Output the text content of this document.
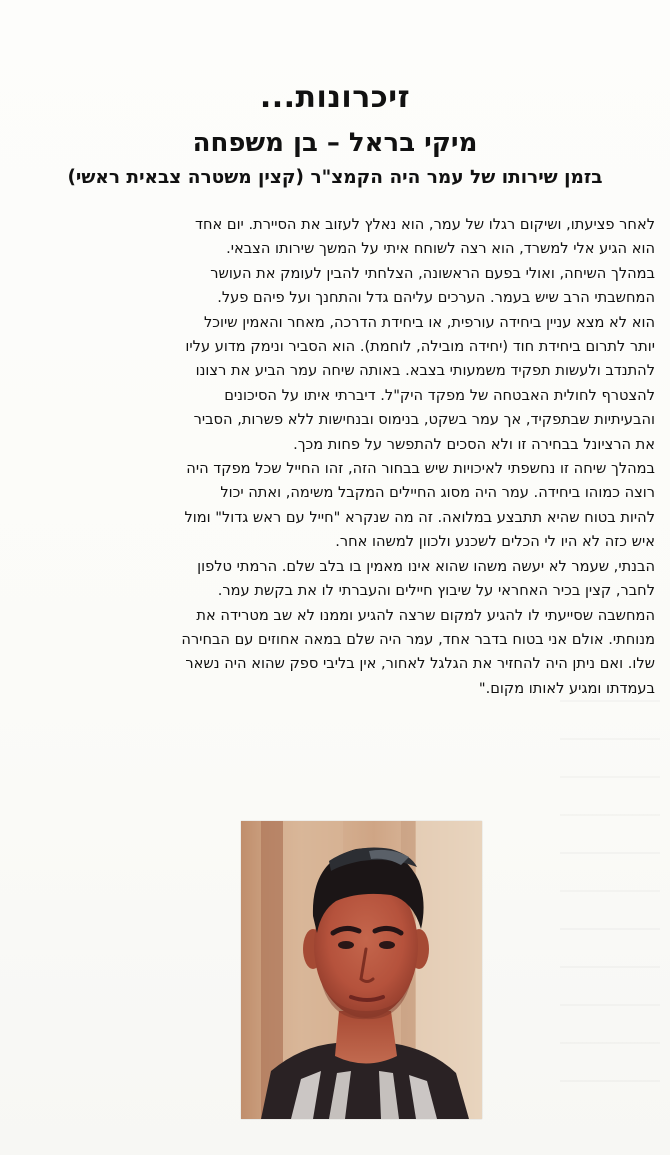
זיכרונות...
מיקי בראל – בן משפחה
בזמן שירותו של עמר היה הקמצ"ר (קצין משטרה צבאית ראשי)
לאחר פציעתו, ושיקום רגלו של עמר, הוא נאלץ לעזוב את הסיירת. יום אחד
הוא הגיע אלי למשרד, הוא רצה לשוחח איתי על המשך שירותו הצבאי.
במהלך השיחה, ואולי בפעם הראשונה, הצלחתי להבין לעומק את העושר
המחשבתי הרב שיש בעמר. הערכים עליהם גדל והתחנך ועל פיהם פעל.
הוא לא מצא עניין ביחידה עורפית, או ביחידת הדרכה, מאחר והאמין שיוכל
יותר לתרום ביחידת חוד (יחידה מובילה, לוחמת). הוא הסביר ונימק מדוע עליו
להתנדב ולעשות תפקיד משמעותי בצבא. באותה שיחה עמר הביע את רצונו
להצטרף לחולית האבטחה של מפקד היק"ל. דיברתי איתו על הסיכונים
והבעיתיות שבתפקיד, אך עמר בשקט, בנימוס ובנחישות ללא פשרות, הסביר
את הרציונל בבחירה זו ולא הסכים להתפשר על פחות מכך.
במהלך שיחה זו נחשפתי לאיכויות שיש בבחור הזה, זהו החייל שכל מפקד היה
רוצה כמוהו ביחידה. עמר היה מסוג החיילים המקבל משימה, ואתה יכול
להיות בטוח שהיא תתבצע במלואה. זה מה שנקרא "חייל עם ראש גדול" ומול
איש כזה לא היו לי הכלים לשכנע ולכוון למשהו אחר.
הבנתי, שעמר לא יעשה משהו שהוא אינו מאמין בו בלב שלם. הרמתי טלפון
לחבר, קצין בכיר האחראי על שיבוץ חיילים והעברתי לו את בקשת עמר.
המחשבה שסייעתי לו להגיע למקום שרצה להגיע וממנו לא שב מטרידה את
מנוחתי. אולם אני בטוח בדבר אחד, עמר היה שלם במאה אחוזים עם הבחירה
שלו. ואם ניתן היה להחזיר את הגלגל לאחור, אין בליבי ספק שהוא היה נשאר
בעמדתו ומגיע לאותו מקום."
